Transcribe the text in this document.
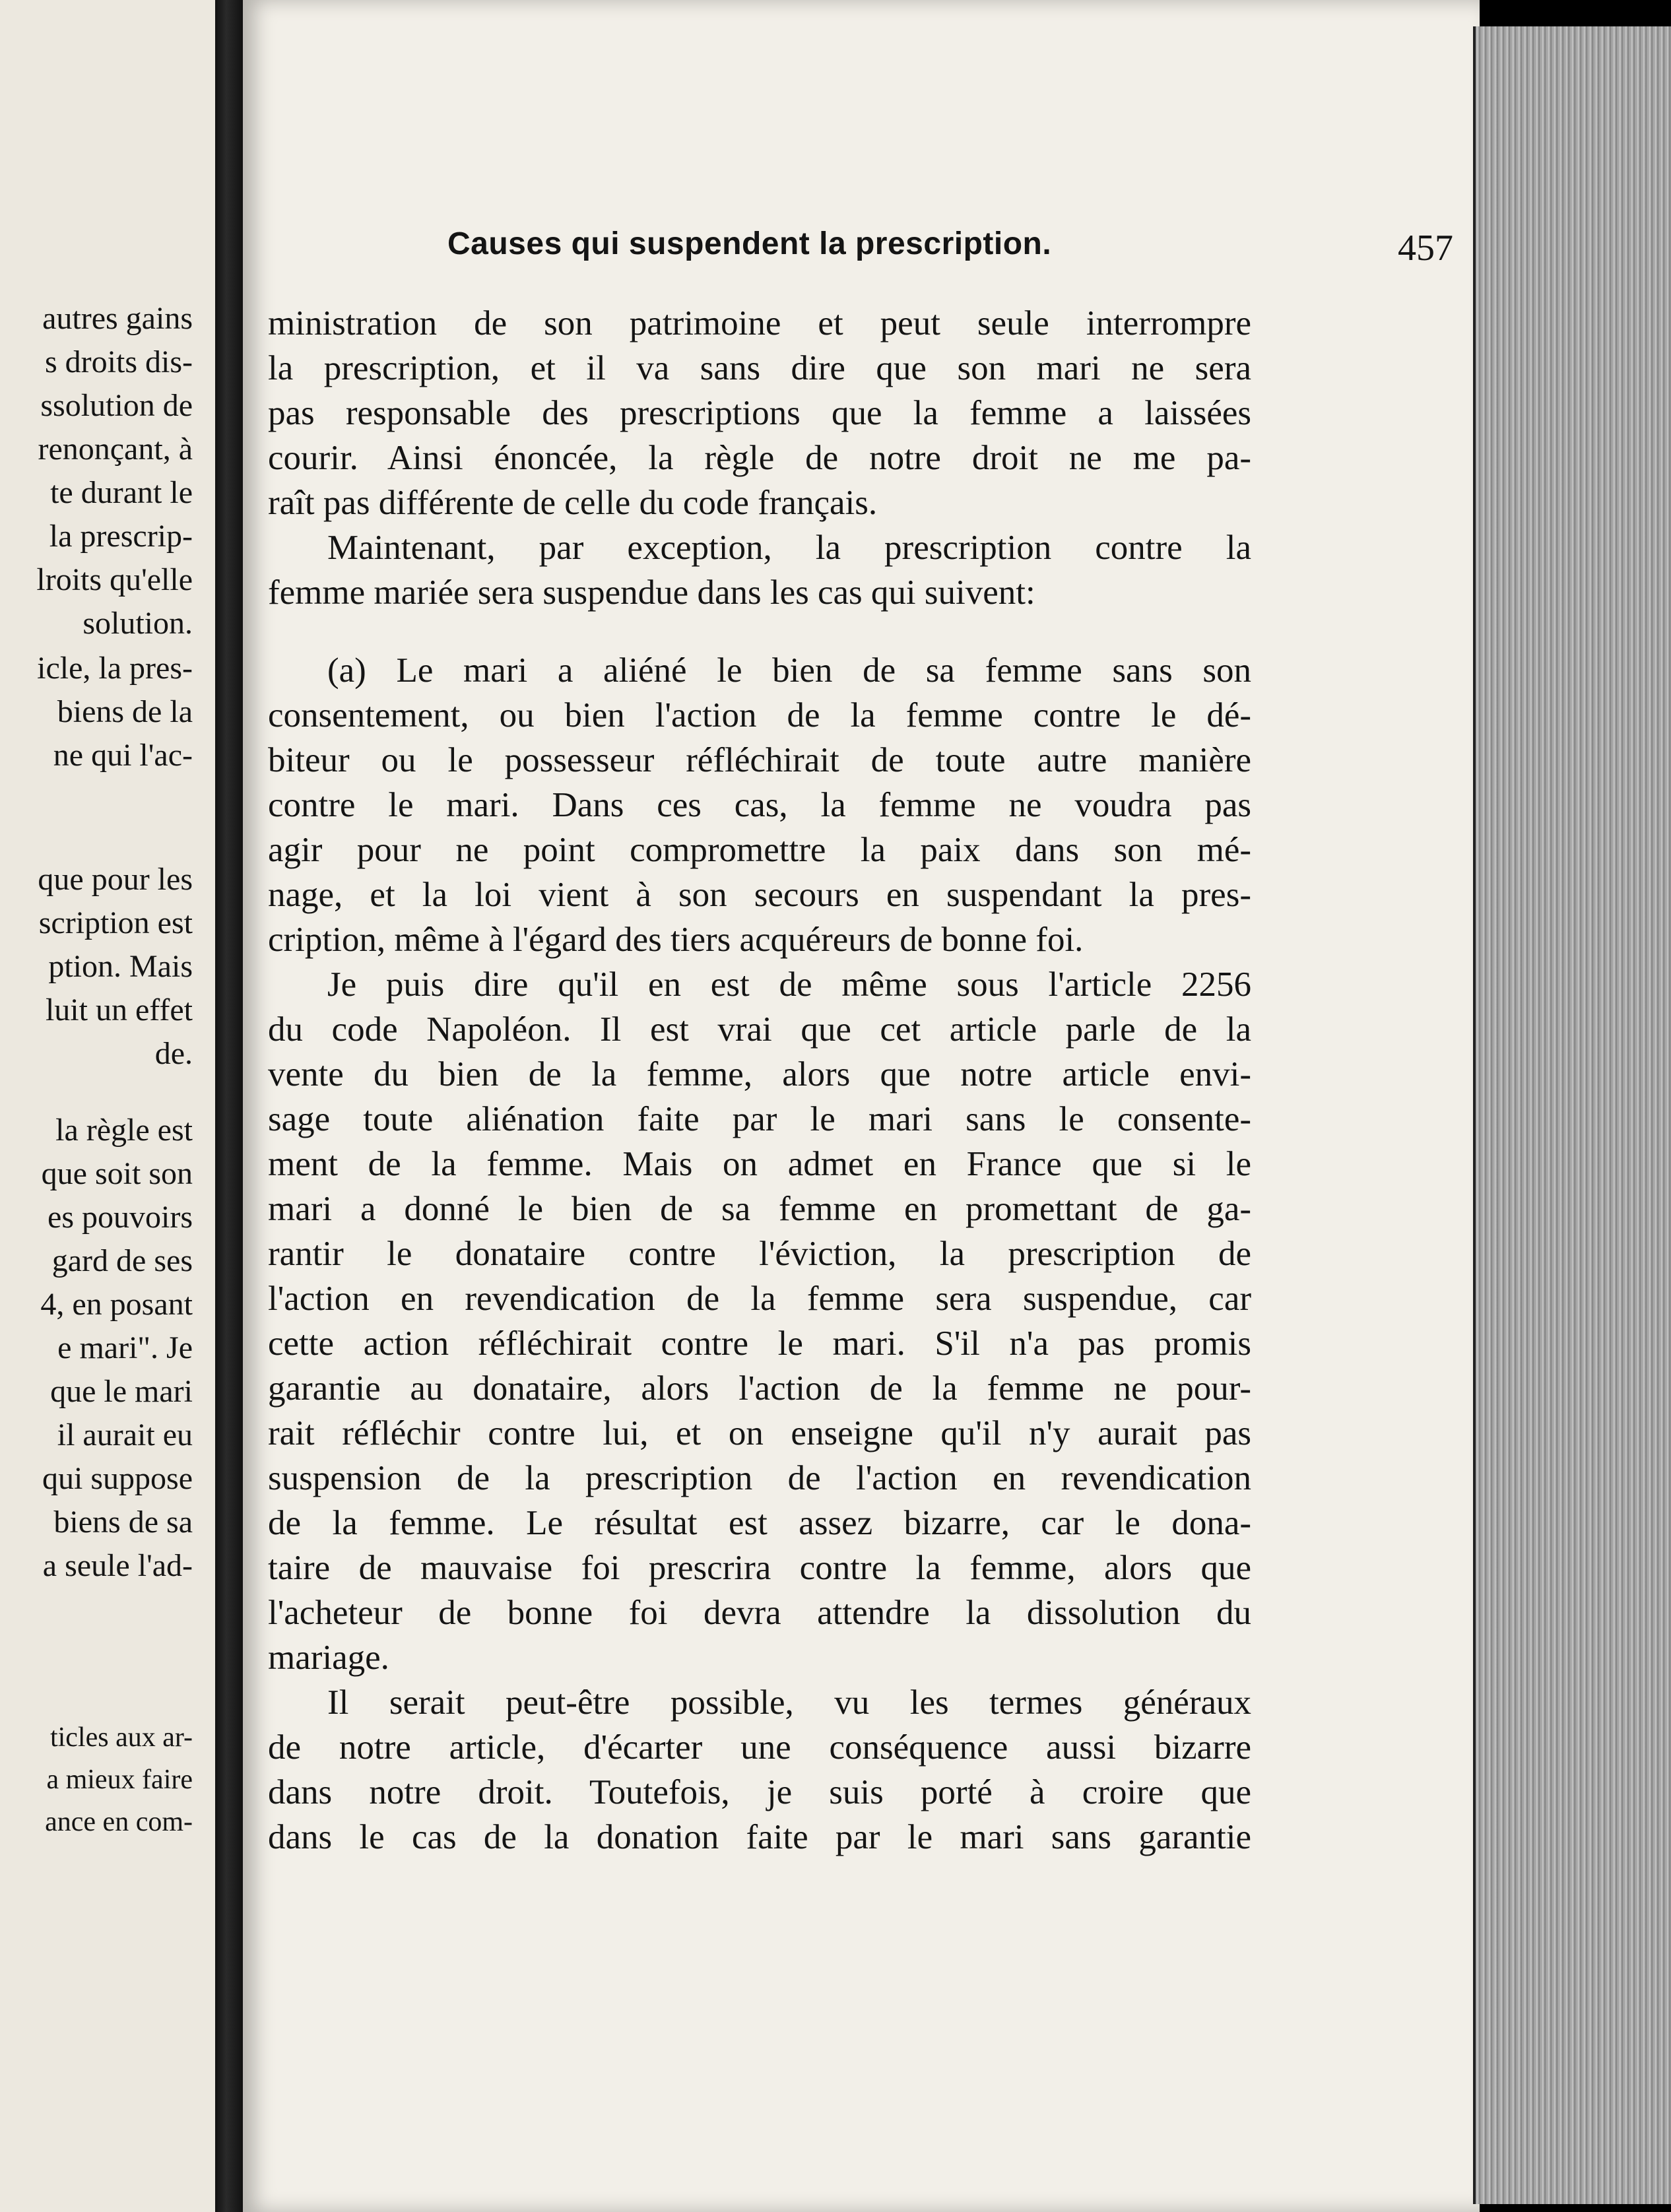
autres gains
s droits dis-
ssolution de
renonçant, à
te durant le
la prescrip-
lroits qu'elle
solution.
icle, la pres-
biens de la
ne qui l'ac-
que pour les
scription est
ption. Mais
luit un effet
de.
la règle est
que soit son
es pouvoirs
gard de ses
4, en posant
e mari". Je
que le mari
il aurait eu
qui suppose
biens de sa
a seule l'ad-
ticles aux ar-
a mieux faire
ance en com-
Causes qui suspendent la prescription.	457
ministration de son patrimoine et peut seule interrompre
la prescription, et il va sans dire que son mari ne sera
pas responsable des prescriptions que la femme a laissées
courir. Ainsi énoncée, la règle de notre droit ne me pa-
raît pas différente de celle du code français.
Maintenant, par exception, la prescription contre la
femme mariée sera suspendue dans les cas qui suivent:
(a) Le mari a aliéné le bien de sa femme sans son
consentement, ou bien l'action de la femme contre le dé-
biteur ou le possesseur réfléchirait de toute autre manière
contre le mari. Dans ces cas, la femme ne voudra pas
agir pour ne point compromettre la paix dans son mé-
nage, et la loi vient à son secours en suspendant la pres-
cription, même à l'égard des tiers acquéreurs de bonne foi.
Je puis dire qu'il en est de même sous l'article 2256
du code Napoléon. Il est vrai que cet article parle de la
vente du bien de la femme, alors que notre article envi-
sage toute aliénation faite par le mari sans le consente-
ment de la femme. Mais on admet en France que si le
mari a donné le bien de sa femme en promettant de ga-
rantir le donataire contre l'éviction, la prescription de
l'action en revendication de la femme sera suspendue, car
cette action réfléchirait contre le mari. S'il n'a pas promis
garantie au donataire, alors l'action de la femme ne pour-
rait réfléchir contre lui, et on enseigne qu'il n'y aurait pas
suspension de la prescription de l'action en revendication
de la femme. Le résultat est assez bizarre, car le dona-
taire de mauvaise foi prescrira contre la femme, alors que
l'acheteur de bonne foi devra attendre la dissolution du
mariage.
Il serait peut-être possible, vu les termes généraux
de notre article, d'écarter une conséquence aussi bizarre
dans notre droit. Toutefois, je suis porté à croire que
dans le cas de la donation faite par le mari sans garantie
